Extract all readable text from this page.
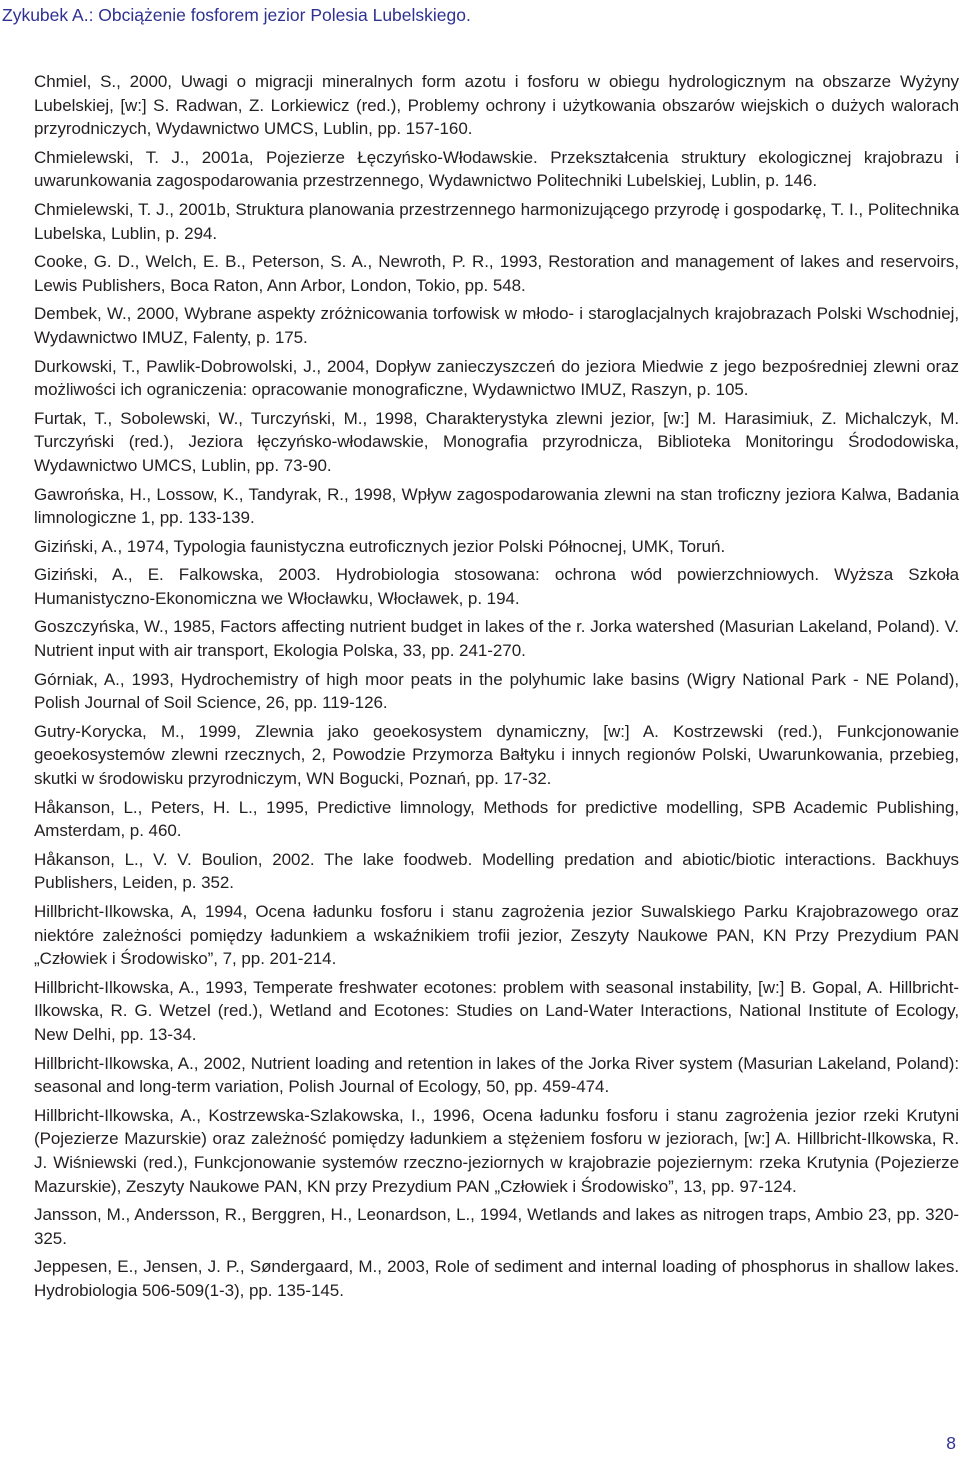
Zykubek A.: Obciążenie fosforem jezior Polesia Lubelskiego.
Chmiel, S., 2000, Uwagi o migracji mineralnych form azotu i fosforu w obiegu hydrologicznym na obszarze Wyżyny Lubelskiej, [w:] S. Radwan, Z. Lorkiewicz (red.), Problemy ochrony i użytkowania obszarów wiejskich o dużych walorach przyrodniczych, Wydawnictwo UMCS, Lublin, pp. 157-160.
Chmielewski, T. J., 2001a, Pojezierze Łęczyńsko-Włodawskie. Przekształcenia struktury ekologicznej krajobrazu i uwarunkowania zagospodarowania przestrzennego, Wydawnictwo Politechniki Lubelskiej, Lublin, p. 146.
Chmielewski, T. J., 2001b, Struktura planowania przestrzennego harmonizującego przyrodę i gospodarkę, T. I., Politechnika Lubelska, Lublin, p. 294.
Cooke, G. D., Welch, E. B., Peterson, S. A., Newroth, P. R., 1993, Restoration and management of lakes and reservoirs, Lewis Publishers, Boca Raton, Ann Arbor, London, Tokio, pp. 548.
Dembek, W., 2000, Wybrane aspekty zróżnicowania torfowisk w młodo- i staroglacjalnych krajobrazach Polski Wschodniej, Wydawnictwo IMUZ, Falenty, p. 175.
Durkowski, T., Pawlik-Dobrowolski, J., 2004, Dopływ zanieczyszczeń do jeziora Miedwie z jego bezpośredniej zlewni oraz możliwości ich ograniczenia: opracowanie monograficzne, Wydawnictwo IMUZ, Raszyn, p. 105.
Furtak, T., Sobolewski, W., Turczyński, M., 1998, Charakterystyka zlewni jezior, [w:] M. Harasimiuk, Z. Michalczyk, M. Turczyński (red.), Jeziora łęczyńsko-włodawskie, Monografia przyrodnicza, Biblioteka Monitoringu Środodowiska, Wydawnictwo UMCS, Lublin, pp. 73-90.
Gawrońska, H., Lossow, K., Tandyrak, R., 1998, Wpływ zagospodarowania zlewni na stan troficzny jeziora Kalwa, Badania limnologiczne 1, pp. 133-139.
Giziński, A., 1974, Typologia faunistyczna eutroficznych jezior Polski Północnej, UMK, Toruń.
Giziński, A., E. Falkowska, 2003. Hydrobiologia stosowana: ochrona wód powierzchniowych. Wyższa Szkoła Humanistyczno-Ekonomiczna we Włocławku, Włocławek, p. 194.
Goszczyńska, W., 1985, Factors affecting nutrient budget in lakes of the r. Jorka watershed (Masurian Lakeland, Poland). V. Nutrient input with air transport, Ekologia Polska, 33, pp. 241-270.
Górniak, A., 1993, Hydrochemistry of high moor peats in the polyhumic lake basins (Wigry National Park - NE Poland), Polish Journal of Soil Science, 26, pp. 119-126.
Gutry-Korycka, M., 1999, Zlewnia jako geoekosystem dynamiczny, [w:] A. Kostrzewski (red.), Funkcjonowanie geoekosystemów zlewni rzecznych, 2, Powodzie Przymorza Bałtyku i innych regionów Polski, Uwarunkowania, przebieg, skutki w środowisku przyrodniczym, WN Bogucki, Poznań, pp. 17-32.
Håkanson, L., Peters, H. L., 1995, Predictive limnology, Methods for predictive modelling, SPB Academic Publishing, Amsterdam, p. 460.
Håkanson, L., V. V. Boulion, 2002. The lake foodweb. Modelling predation and abiotic/biotic interactions. Backhuys Publishers, Leiden, p. 352.
Hillbricht-Ilkowska, A, 1994, Ocena ładunku fosforu i stanu zagrożenia jezior Suwalskiego Parku Krajobrazowego oraz niektóre zależności pomiędzy ładunkiem a wskaźnikiem trofii jezior, Zeszyty Naukowe PAN, KN Przy Prezydium PAN „Człowiek i Środowisko”, 7, pp. 201-214.
Hillbricht-Ilkowska, A., 1993, Temperate freshwater ecotones: problem with seasonal instability, [w:] B. Gopal, A. Hillbricht-Ilkowska, R. G. Wetzel (red.), Wetland and Ecotones: Studies on Land-Water Interactions, National Institute of Ecology, New Delhi, pp. 13-34.
Hillbricht-Ilkowska, A., 2002, Nutrient loading and retention in lakes of the Jorka River system (Masurian Lakeland, Poland): seasonal and long-term variation, Polish Journal of Ecology, 50, pp. 459-474.
Hillbricht-Ilkowska, A., Kostrzewska-Szlakowska, I., 1996, Ocena ładunku fosforu i stanu zagrożenia jezior rzeki Krutyni (Pojezierze Mazurskie) oraz zależność pomiędzy ładunkiem a stężeniem fosforu w jeziorach, [w:] A. Hillbricht-Ilkowska, R. J. Wiśniewski (red.), Funkcjonowanie systemów rzeczno-jeziornych w krajobrazie pojeziernym: rzeka Krutynia (Pojezierze Mazurskie), Zeszyty Naukowe PAN, KN przy Prezydium PAN „Człowiek i Środowisko”, 13, pp. 97-124.
Jansson, M., Andersson, R., Berggren, H., Leonardson, L., 1994, Wetlands and lakes as nitrogen traps, Ambio 23, pp. 320-325.
Jeppesen, E., Jensen, J. P., Søndergaard, M., 2003, Role of sediment and internal loading of phosphorus in shallow lakes. Hydrobiologia 506-509(1-3), pp. 135-145.
8
